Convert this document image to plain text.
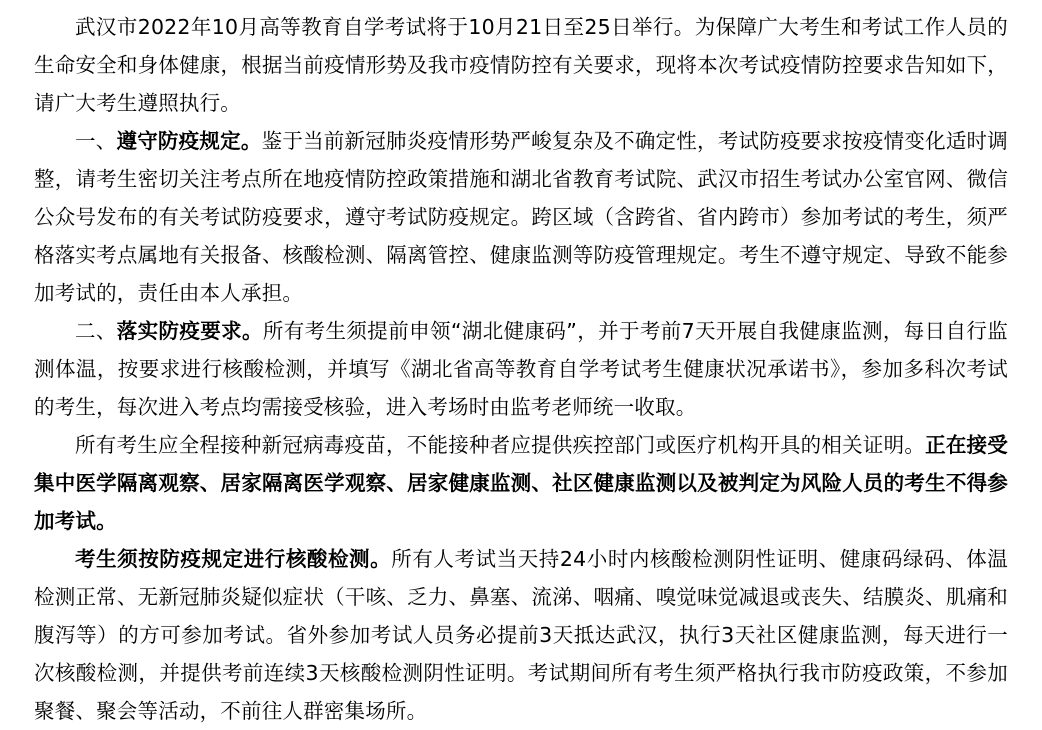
武汉市2022年10月高等教育自学考试将于10月21日至25日举行。为保障广大考生和考试工作人员的生命安全和身体健康，根据当前疫情形势及我市疫情防控有关要求，现将本次考试疫情防控要求告知如下，请广大考生遵照执行。
一、遵守防疫规定。鉴于当前新冠肺炎疫情形势严峻复杂及不确定性，考试防疫要求按疫情变化适时调整，请考生密切关注考点所在地疫情防控政策措施和湖北省教育考试院、武汉市招生考试办公室官网、微信公众号发布的有关考试防疫要求，遵守考试防疫规定。跨区域（含跨省、省内跨市）参加考试的考生，须严格落实考点属地有关报备、核酸检测、隔离管控、健康监测等防疫管理规定。考生不遵守规定、导致不能参加考试的，责任由本人承担。
二、落实防疫要求。所有考生须提前申领“湖北健康码”，并于考前7天开展自我健康监测，每日自行监测体温，按要求进行核酸检测，并填写《湖北省高等教育自学考试考生健康状况承诺书》，参加多科次考试的考生，每次进入考点均需接受核验，进入考场时由监考老师统一收取。
所有考生应全程接种新冠病毒疫苗，不能接种者应提供疾控部门或医疗机构开具的相关证明。正在接受集中医学隔离观察、居家隔离医学观察、居家健康监测、社区健康监测以及被判定为风险人员的考生不得参加考试。
考生须按防疫规定进行核酸检测。所有人考试当天持24小时内核酸检测阴性证明、健康码绿码、体温检测正常、无新冠肺炎疑似症状（干咳、乏力、鼻塞、流涕、咽痛、嗅觉味觉减退或丧失、结膜炎、肌痛和腹泻等）的方可参加考试。省外参加考试人员务必提前3天抵达武汉，执行3天社区健康监测，每天进行一次核酸检测，并提供考前连续3天核酸检测阴性证明。考试期间所有考生须严格执行我市防疫政策，不参加聚餐、聚会等活动，不前往人群密集场所。
